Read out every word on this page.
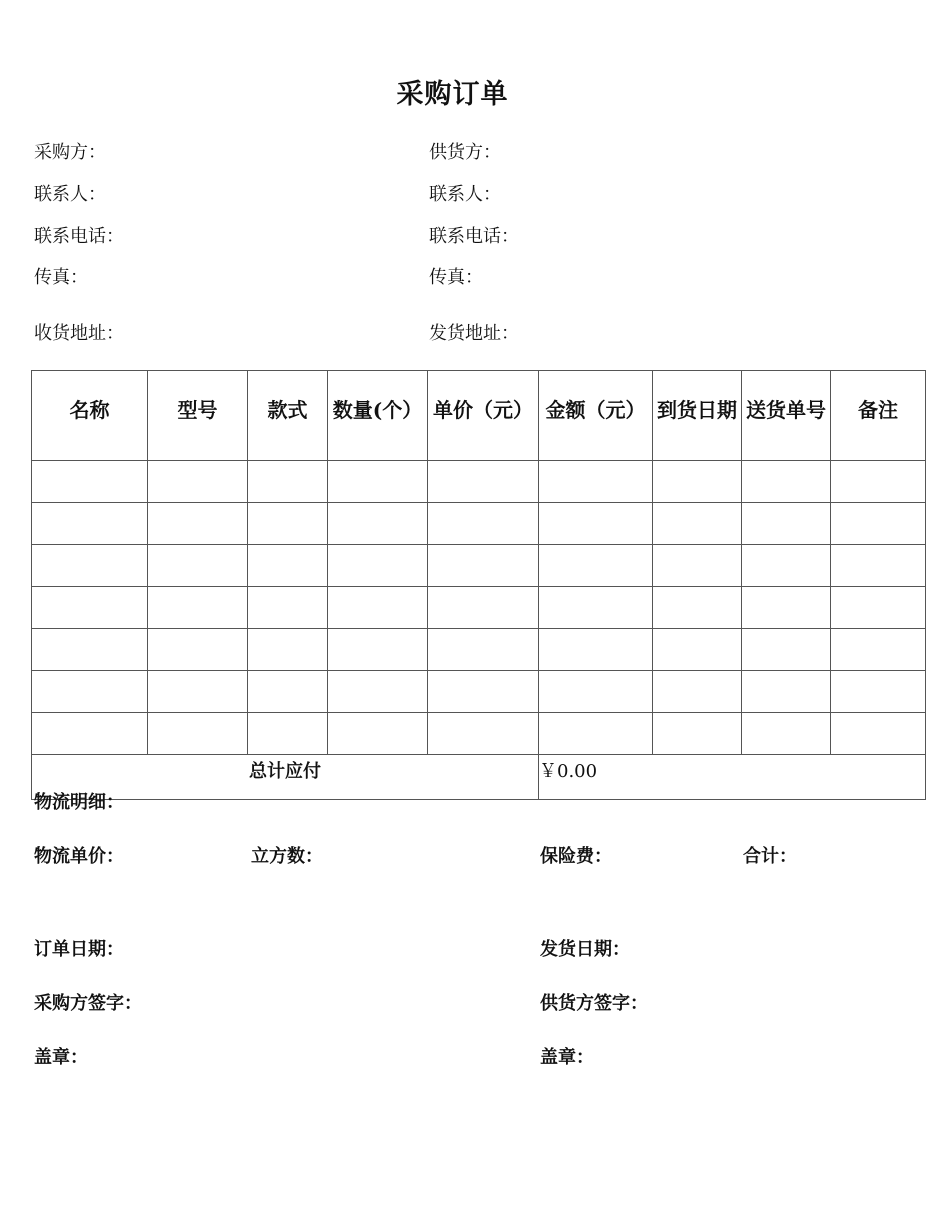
采购订单
采购方：	供货方：
联系人：	联系人：
联系电话：	联系电话：
传真：	传真：
收货地址：	发货地址：
名称	型号	款式	数量(个）	单价（元）	金额（元）	到货日期	送货单号	备注

总计应付					￥0.00			
物流明细：
物流单价：	立方数：	保险费：	合计：
订单日期：	发货日期：
采购方签字：	供货方签字：
盖章：	盖章：
